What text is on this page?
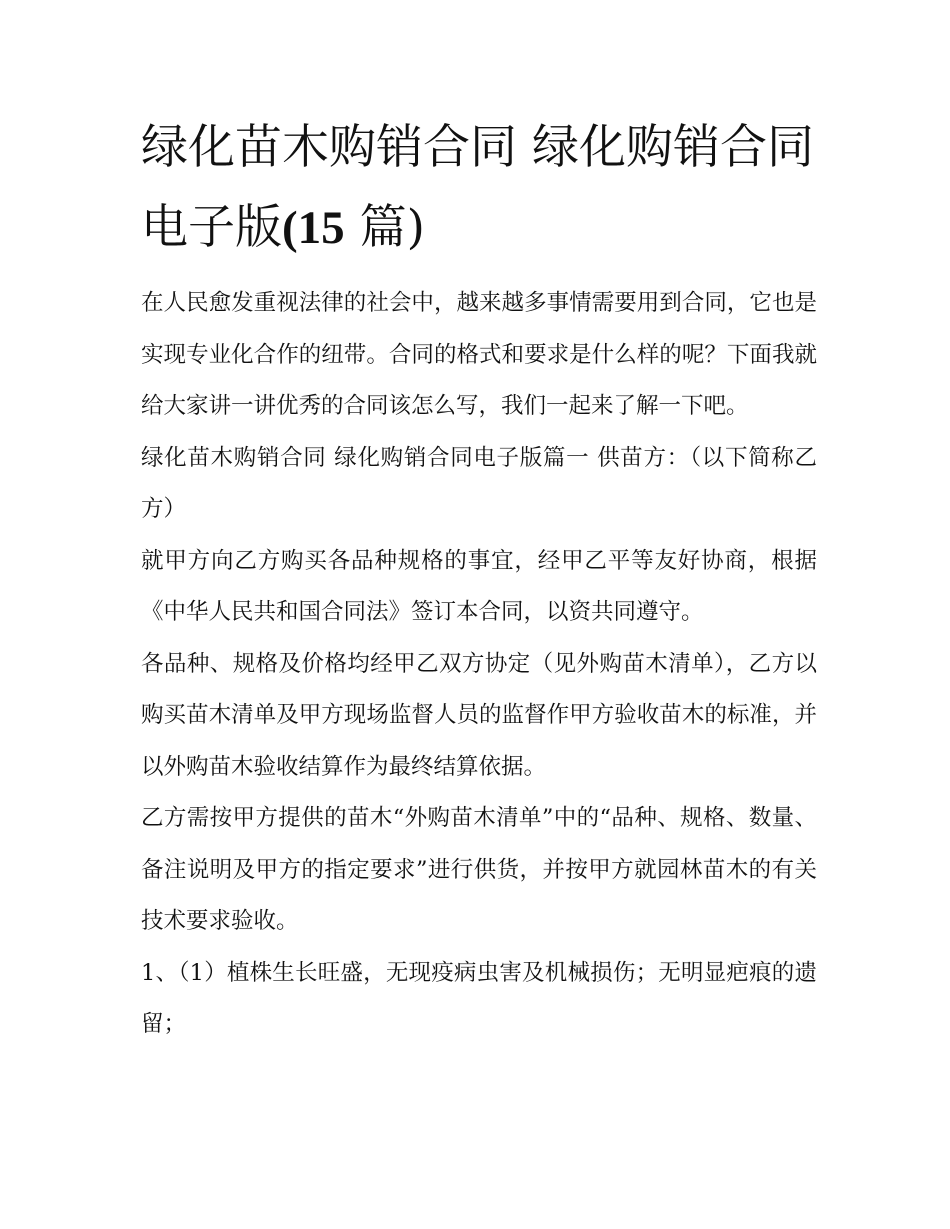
绿化苗木购销合同 绿化购销合同电子版(15 篇)

在人民愈发重视法律的社会中，越来越多事情需要用到合同，它也是实现专业化合作的纽带。合同的格式和要求是什么样的呢？下面我就给大家讲一讲优秀的合同该怎么写，我们一起来了解一下吧。

绿化苗木购销合同 绿化购销合同电子版篇一 供苗方：（以下简称乙方）

就甲方向乙方购买各品种规格的事宜，经甲乙平等友好协商，根据《中华人民共和国合同法》签订本合同，以资共同遵守。

各品种、规格及价格均经甲乙双方协定（见外购苗木清单），乙方以购买苗木清单及甲方现场监督人员的监督作甲方验收苗木的标准，并以外购苗木验收结算作为最终结算依据。

乙方需按甲方提供的苗木“外购苗木清单”中的“品种、规格、数量、备注说明及甲方的指定要求”进行供货，并按甲方就园林苗木的有关技术要求验收。

1、（1）植株生长旺盛，无现疫病虫害及机械损伤；无明显疤痕的遗留；
